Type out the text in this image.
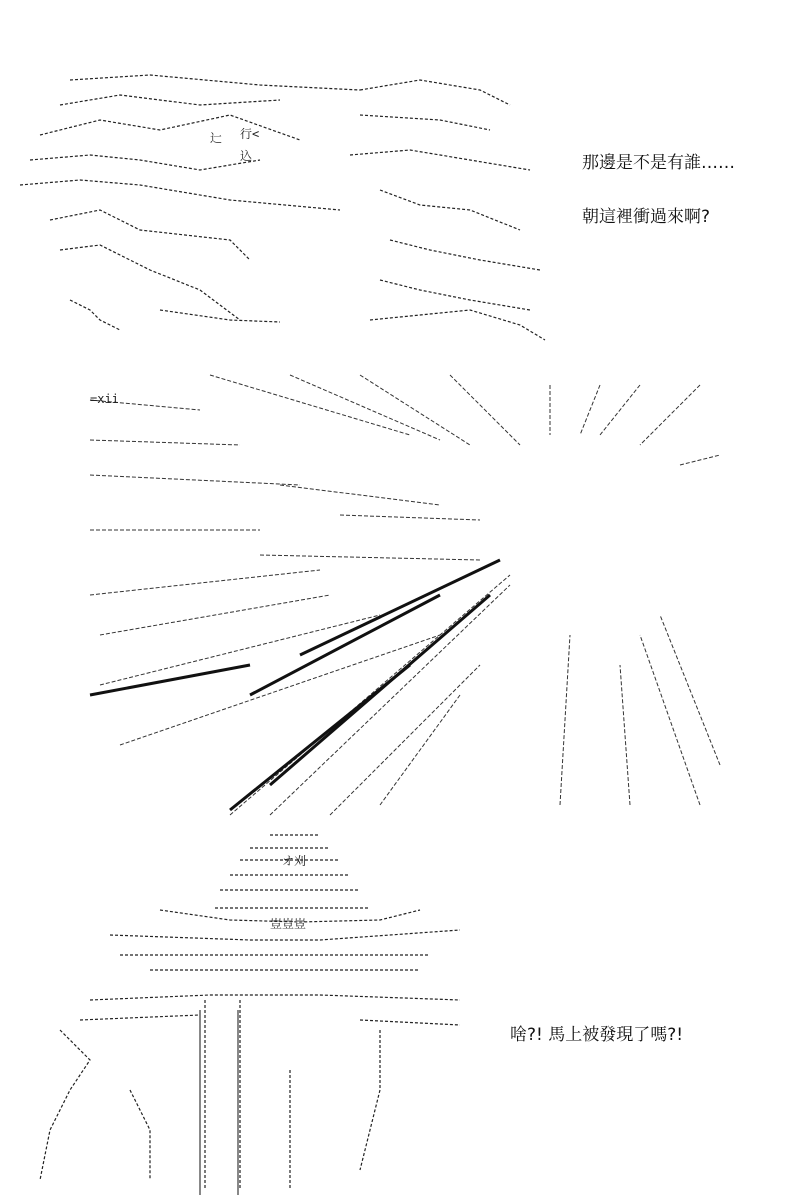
行<
辷
込	那邊是不是有誰……
朝這裡衝過來啊?
=xii
オ刈
豈豈豈
啥?! 馬上被發現了嗎?!
